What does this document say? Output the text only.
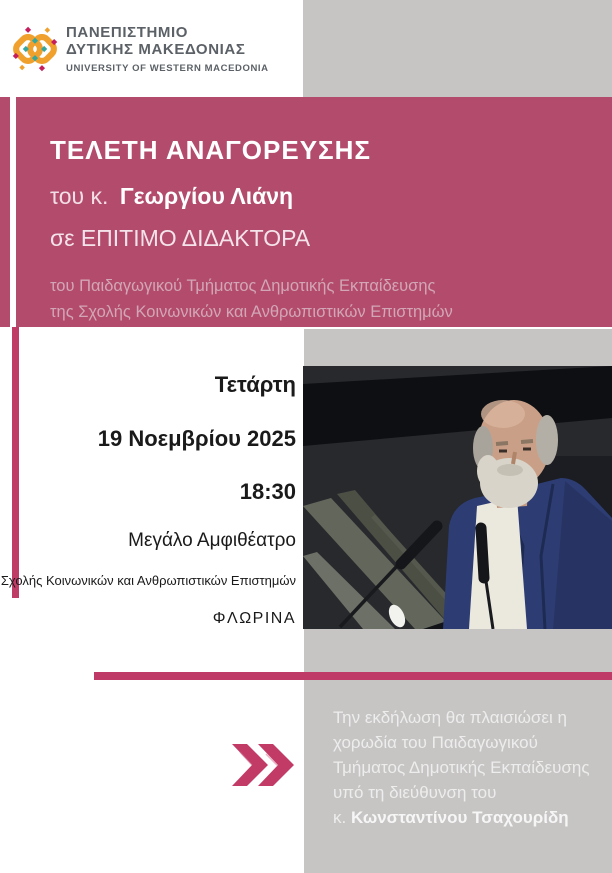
ΠΑΝΕΠΙΣΤΗΜΙΟ
ΔΥΤΙΚΗΣ ΜΑΚΕΔΟΝΙΑΣ
UNIVERSITY OF WESTERN MACEDONIA
ΤΕΛΕΤΗ ΑΝΑΓΟΡΕΥΣΗΣ
του κ. Γεωργίου Λιάνη
σε ΕΠΙΤΙΜΟ ΔΙΔΑΚΤΟΡΑ
του Παιδαγωγικού Τμήματος Δημοτικής Εκπαίδευσης
της Σχολής Κοινωνικών και Ανθρωπιστικών Επιστημών
Τετάρτη
19 Νοεμβρίου 2025
18:30
Μεγάλο Αμφιθέατρο
Σχολής Κοινωνικών και Ανθρωπιστικών Επιστημών
ΦΛΩΡΙΝΑ
Την εκδήλωση θα πλαισιώσει η
χορωδία του Παιδαγωγικού
Τμήματος Δημοτικής Εκπαίδευσης
υπό τη διεύθυνση του
κ. Κωνσταντίνου Τσαχουρίδη
